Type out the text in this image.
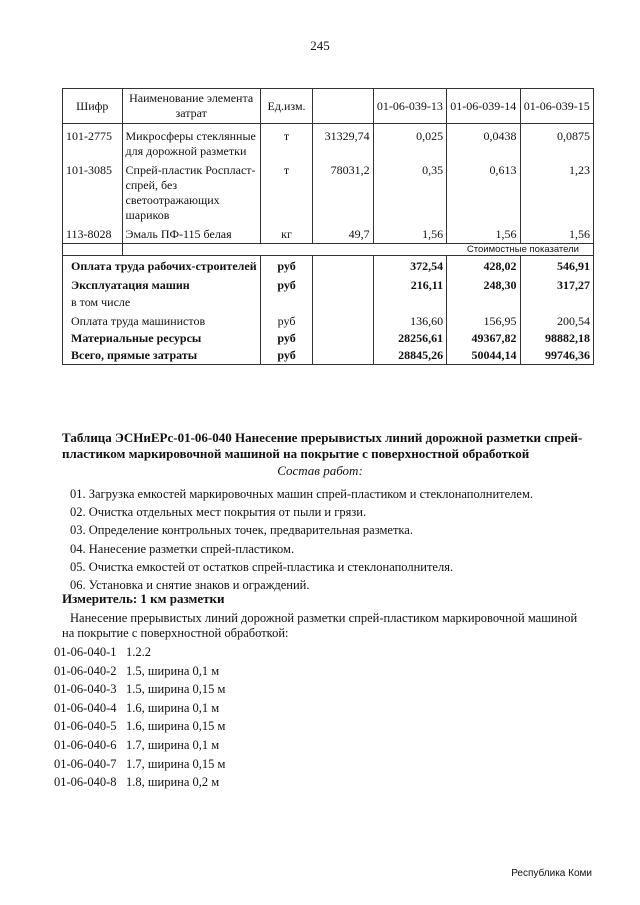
245
Шифр	Наименование элемента затрат	Ед.изм.		01-06-039-13	01-06-039-14	01-06-039-15
101-2775	Микросферы стеклянные для дорожной разметки	т	31329,74	0,025	0,0438	0,0875
101-3085	Спрей-пластик Роспласт-спрей, без светоотражающих шариков	т	78031,2	0,35	0,613	1,23
113-8028	Эмаль ПФ-115 белая	кг	49,7	1,56	1,56	1,56
				Стоимостные показатели		
Оплата труда рабочих-строителей		руб		372,54	428,02	546,91
Эксплуатация машин		руб		216,11	248,30	317,27
в том числе						
Оплата труда машинистов		руб		136,60	156,95	200,54
Материальные ресурсы		руб		28256,61	49367,82	98882,18
Всего, прямые затраты		руб		28845,26	50044,14	99746,36
Таблица ЭСНиЕРс-01-06-040 Нанесение прерывистых линий дорожной разметки спрей-пластиком маркировочной машиной на покрытие с поверхностной обработкой
Состав работ:
01. Загрузка емкостей маркировочных машин спрей-пластиком и стеклонаполнителем.
02. Очистка отдельных мест покрытия от пыли и грязи.
03. Определение контрольных точек, предварительная разметка.
04. Нанесение разметки спрей-пластиком.
05. Очистка емкостей от остатков спрей-пластика и стеклонаполнителя.
06. Установка и снятие знаков и ограждений.
Измеритель: 1 км разметки

Нанесение прерывистых линий дорожной разметки спрей-пластиком маркировочной машиной

на покрытие с поверхностной обработкой:

01-06-040-1 1.2.2
01-06-040-2 1.5, ширина 0,1 м
01-06-040-3 1.5, ширина 0,15 м
01-06-040-4 1.6, ширина 0,1 м
01-06-040-5 1.6, ширина 0,15 м
01-06-040-6 1.7, ширина 0,1 м
01-06-040-7 1.7, ширина 0,15 м
01-06-040-8 1.8, ширина 0,2 м
Республика Коми
